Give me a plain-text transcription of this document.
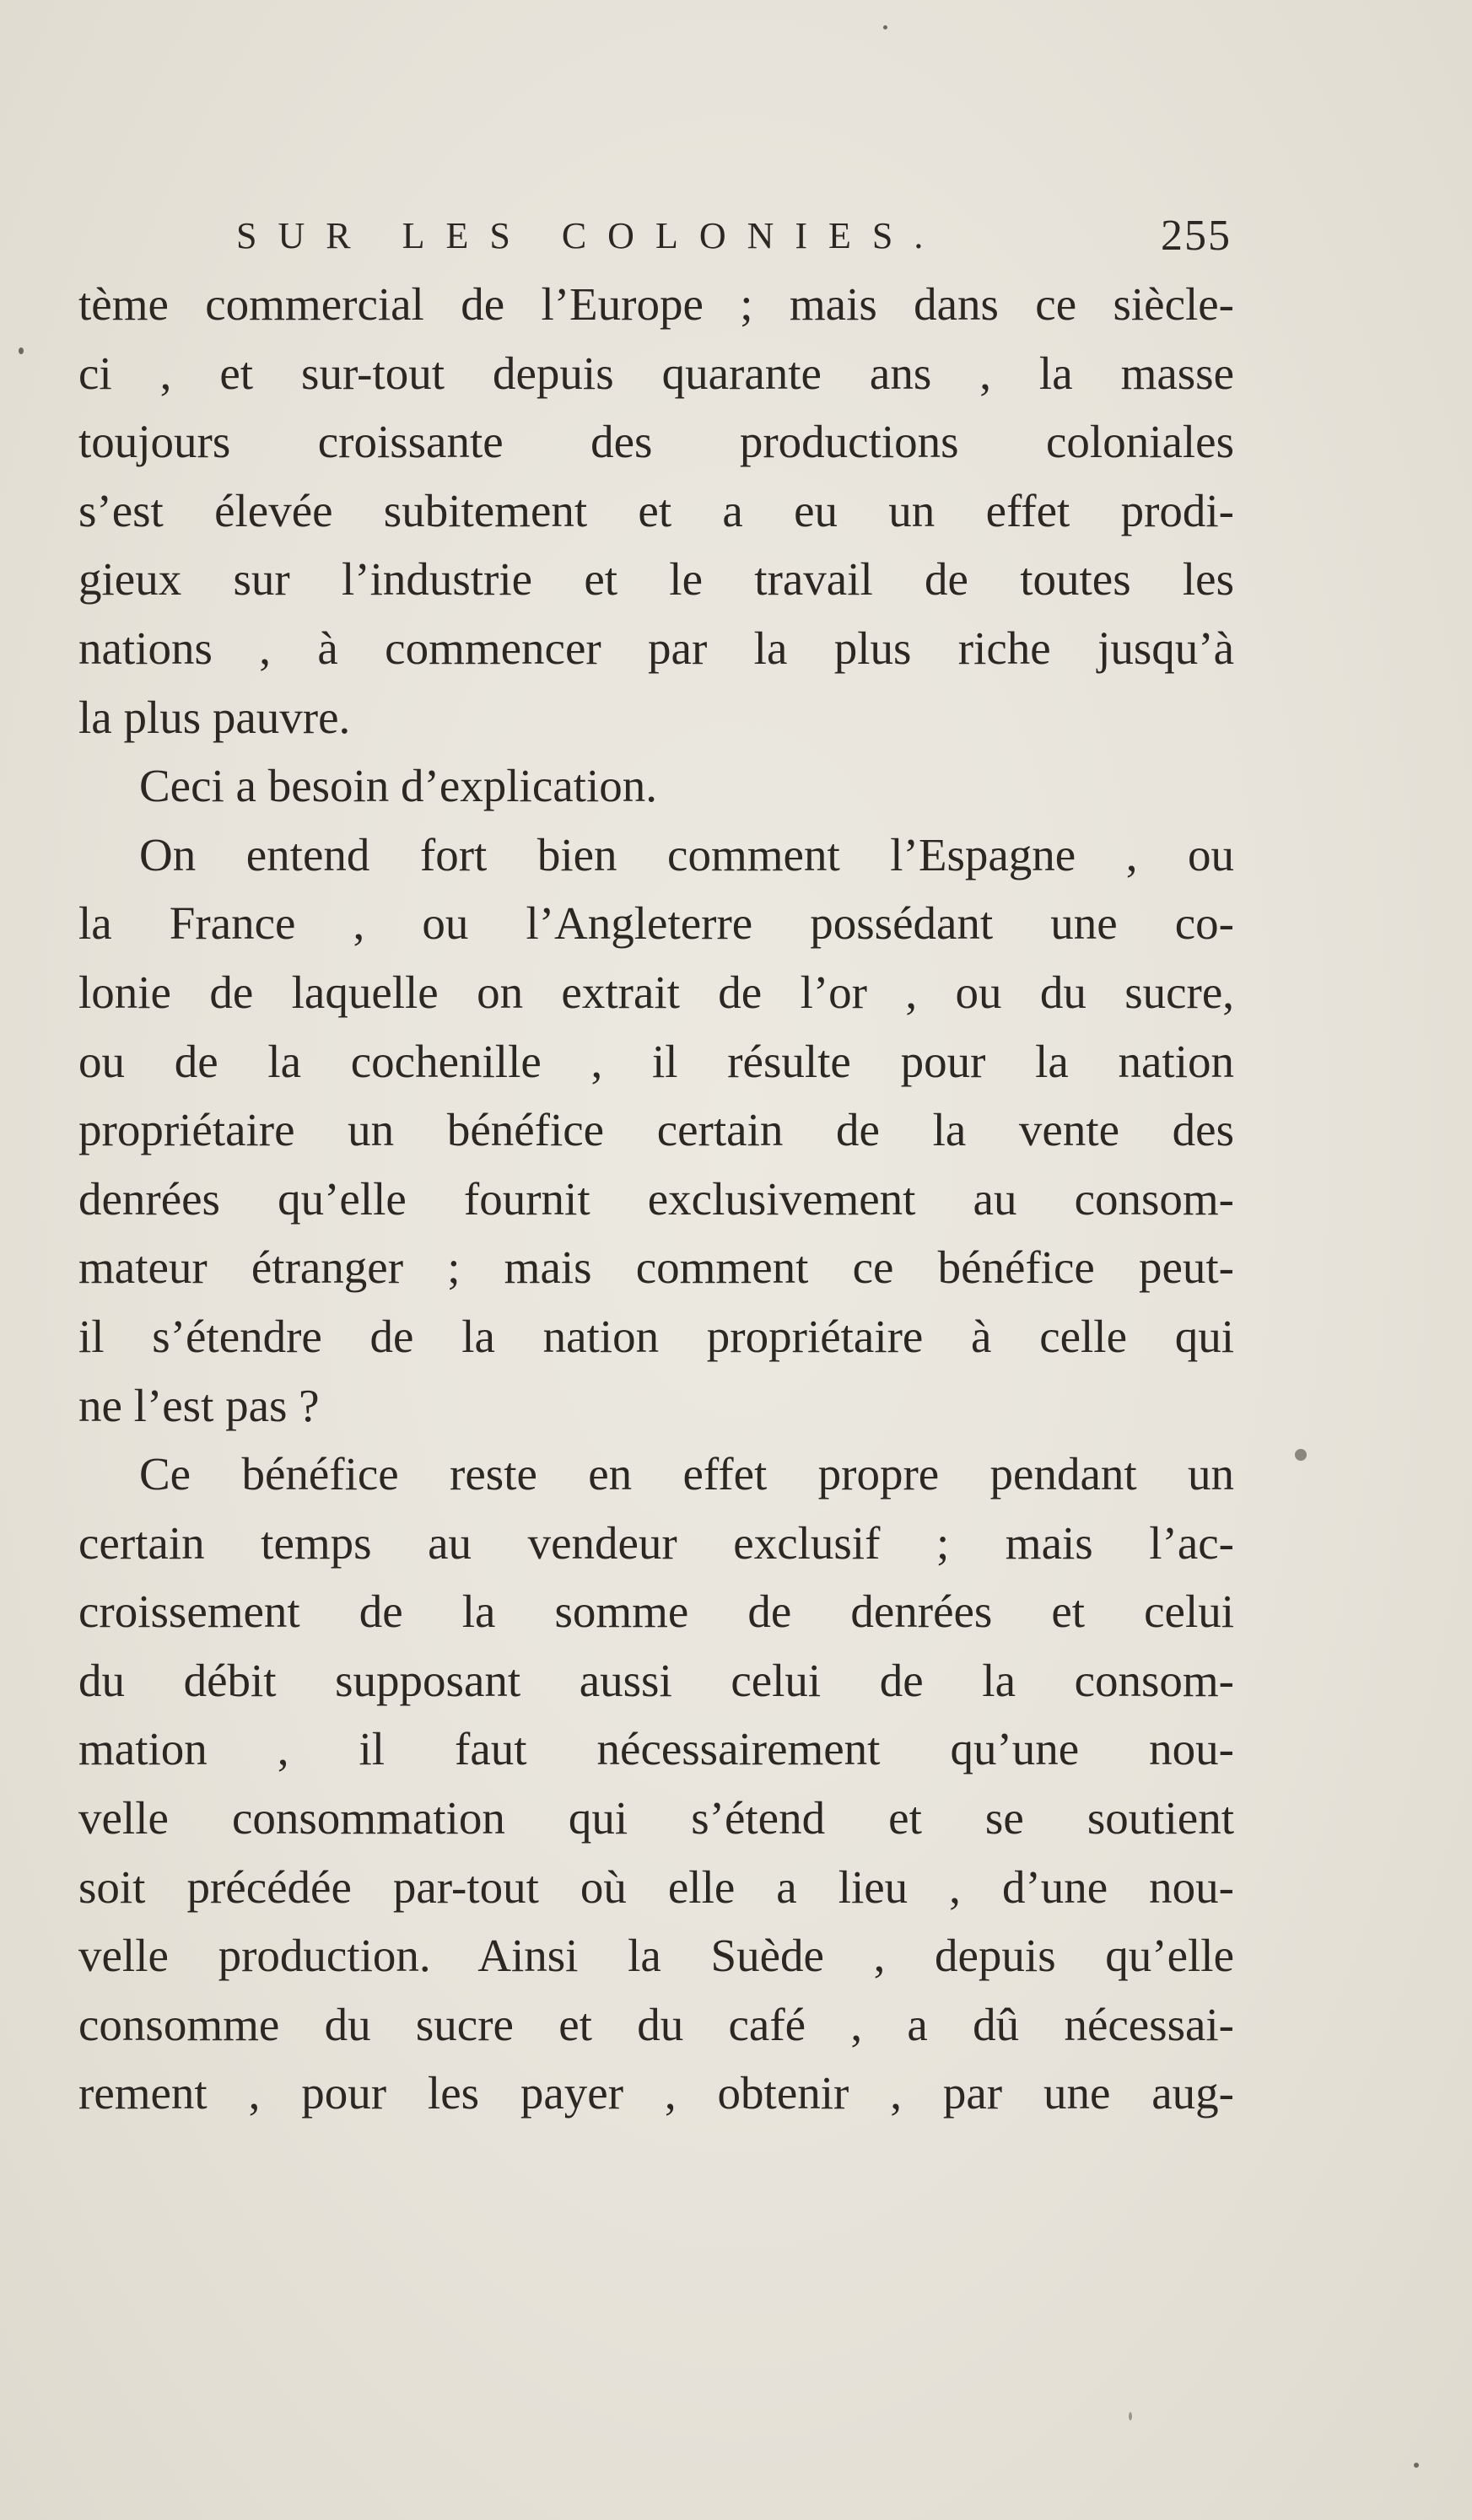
SUR LES COLONIES.	255
tème commercial de l’Europe ; mais dans ce siècle-
ci , et sur-tout depuis quarante ans , la masse
toujours croissante des productions coloniales
s’est élevée subitement et a eu un effet prodi-
gieux sur l’industrie et le travail de toutes les
nations , à commencer par la plus riche jusqu’à
la plus pauvre.
Ceci a besoin d’explication.
On entend fort bien comment l’Espagne , ou
la France , ou l’Angleterre possédant une co-
lonie de laquelle on extrait de l’or , ou du sucre,
ou de la cochenille , il résulte pour la nation
propriétaire un bénéfice certain de la vente des
denrées qu’elle fournit exclusivement au consom-
mateur étranger ; mais comment ce bénéfice peut-
il s’étendre de la nation propriétaire à celle qui
ne l’est pas ?
Ce bénéfice reste en effet propre pendant un
certain temps au vendeur exclusif ; mais l’ac-
croissement de la somme de denrées et celui
du débit supposant aussi celui de la consom-
mation , il faut nécessairement qu’une nou-
velle consommation qui s’étend et se soutient
soit précédée par-tout où elle a lieu , d’une nou-
velle production. Ainsi la Suède , depuis qu’elle
consomme du sucre et du café , a dû nécessai-
rement , pour les payer , obtenir , par une aug-
